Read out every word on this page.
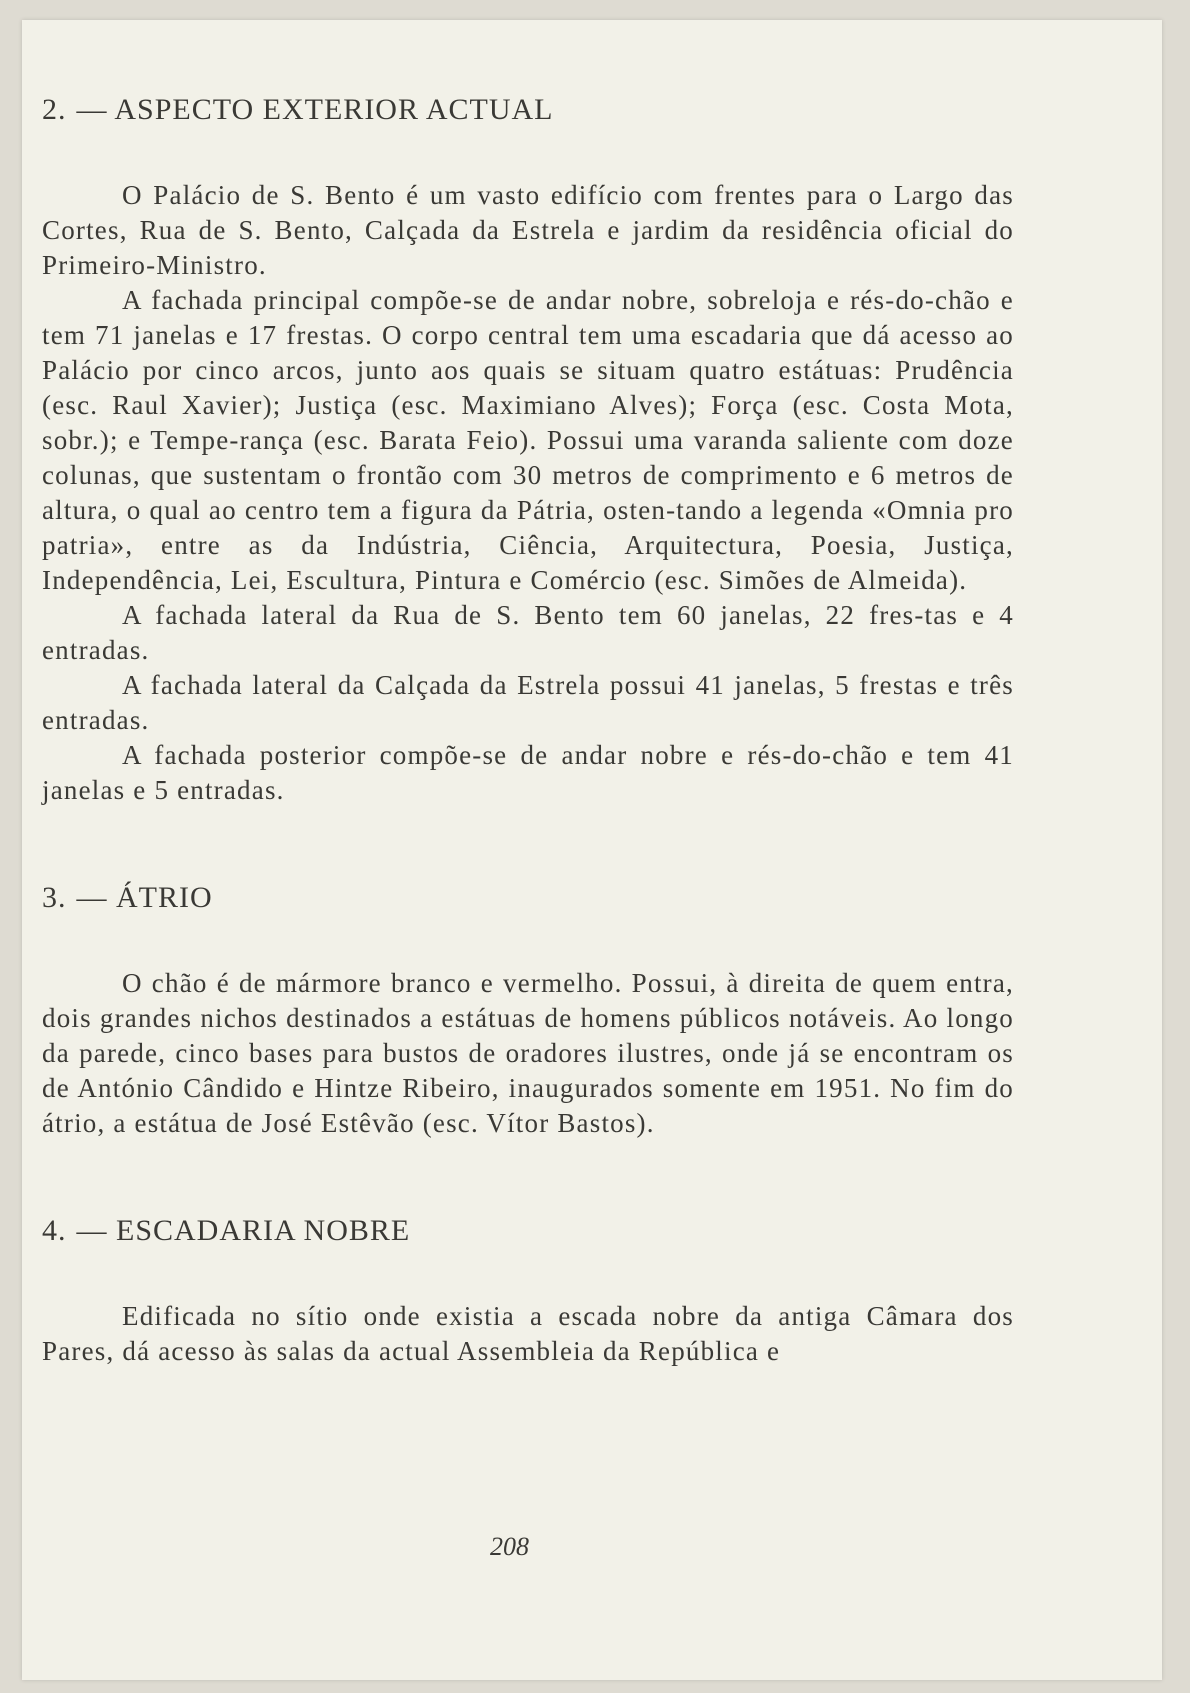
2. — ASPECTO EXTERIOR ACTUAL

O Palácio de S. Bento é um vasto edifício com frentes para o Largo das Cortes, Rua de S. Bento, Calçada da Estrela e jardim da residência oficial do Primeiro-Ministro.

A fachada principal compõe-se de andar nobre, sobreloja e rés-do-chão e tem 71 janelas e 17 frestas. O corpo central tem uma escadaria que dá acesso ao Palácio por cinco arcos, junto aos quais se situam quatro estátuas: Prudência (esc. Raul Xavier); Justiça (esc. Maximiano Alves); Força (esc. Costa Mota, sobr.); e Tempe-rança (esc. Barata Feio). Possui uma varanda saliente com doze colunas, que sustentam o frontão com 30 metros de comprimento e 6 metros de altura, o qual ao centro tem a figura da Pátria, osten-tando a legenda «Omnia pro patria», entre as da Indústria, Ciência, Arquitectura, Poesia, Justiça, Independência, Lei, Escultura, Pintura e Comércio (esc. Simões de Almeida).

A fachada lateral da Rua de S. Bento tem 60 janelas, 22 fres-tas e 4 entradas.

A fachada lateral da Calçada da Estrela possui 41 janelas, 5 frestas e três entradas.

A fachada posterior compõe-se de andar nobre e rés-do-chão e tem 41 janelas e 5 entradas.

3. — ÁTRIO

O chão é de mármore branco e vermelho. Possui, à direita de quem entra, dois grandes nichos destinados a estátuas de homens públicos notáveis. Ao longo da parede, cinco bases para bustos de oradores ilustres, onde já se encontram os de António Cândido e Hintze Ribeiro, inaugurados somente em 1951. No fim do átrio, a estátua de José Estêvão (esc. Vítor Bastos).

4. — ESCADARIA NOBRE

Edificada no sítio onde existia a escada nobre da antiga Câmara dos Pares, dá acesso às salas da actual Assembleia da República e

208
